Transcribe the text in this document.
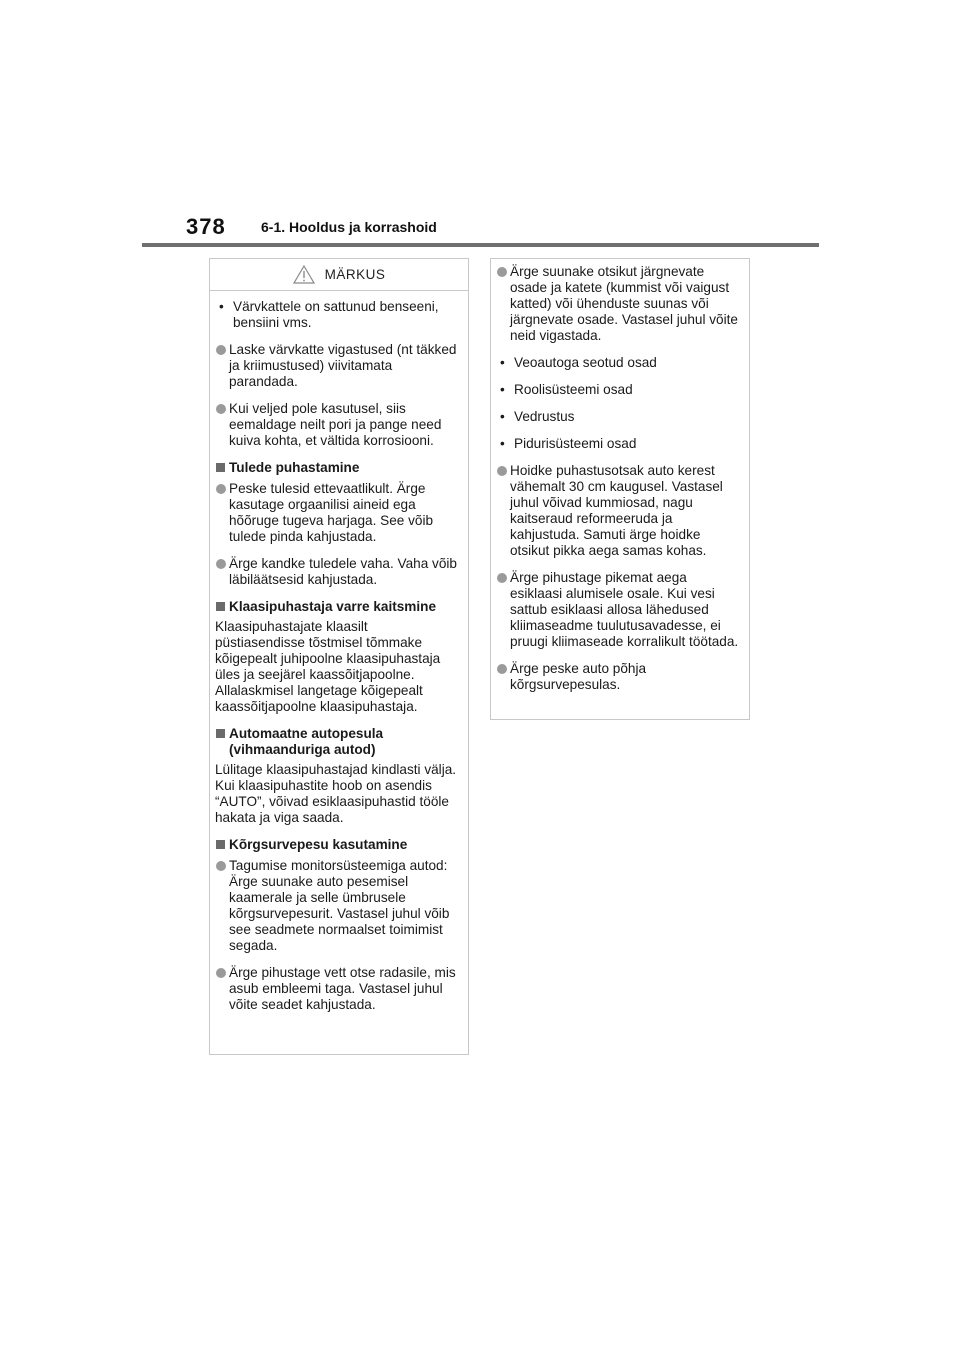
378	6-1. Hooldus ja korrashoid
MÄRKUS
• Värvkattele on sattunud benseeni, bensiini vms.
Laske värvkatte vigastused (nt täkked ja kriimustused) viivitamata parandada.
Kui veljed pole kasutusel, siis eemaldage neilt pori ja pange need kuiva kohta, et vältida korrosiooni.
Tulede puhastamine
Peske tulesid ettevaatlikult. Ärge kasutage orgaanilisi aineid ega hõõruge tugeva harjaga. See võib tulede pinda kahjustada.
Ärge kandke tuledele vaha. Vaha võib läbiläätsesid kahjustada.
Klaasipuhastaja varre kaitsmine
Klaasipuhastajate klaasilt püstiasendisse tõstmisel tõmmake kõigepealt juhipoolne klaasipuhastaja üles ja seejärel kaassõitjapoolne. Allalaskmisel langetage kõigepealt kaassõitjapoolne klaasipuhastaja.
Automaatne autopesula (vihmaanduriga autod)
Lülitage klaasipuhastajad kindlasti välja. Kui klaasipuhastite hoob on asendis “AUTO”, võivad esiklaasipuhastid tööle hakata ja viga saada.
Kõrgsurvepesu kasutamine
Tagumise monitorsüsteemiga autod: Ärge suunake auto pesemisel kaamerale ja selle ümbrusele kõrgsurvepesurit. Vastasel juhul võib see seadmete normaalset toimimist segada.
Ärge pihustage vett otse radasile, mis asub embleemi taga. Vastasel juhul võite seadet kahjustada.
Ärge suunake otsikut järgnevate osade ja katete (kummist või vaigust katted) või ühenduste suunas või järgnevate osade. Vastasel juhul võite neid vigastada.
• Veoautoga seotud osad
• Roolisüsteemi osad
• Vedrustus
• Pidurisüsteemi osad
Hoidke puhastusotsak auto kerest vähemalt 30 cm kaugusel. Vastasel juhul võivad kummiosad, nagu kaitseraud reformeeruda ja kahjustuda. Samuti ärge hoidke otsikut pikka aega samas kohas.
Ärge pihustage pikemat aega esiklaasi alumisele osale. Kui vesi sattub esiklaasi allosa lähedused kliimaseadme tuulutusavadesse, ei pruugi kliimaseade korralikult töötada.
Ärge peske auto põhja kõrgsurvepesulas.
